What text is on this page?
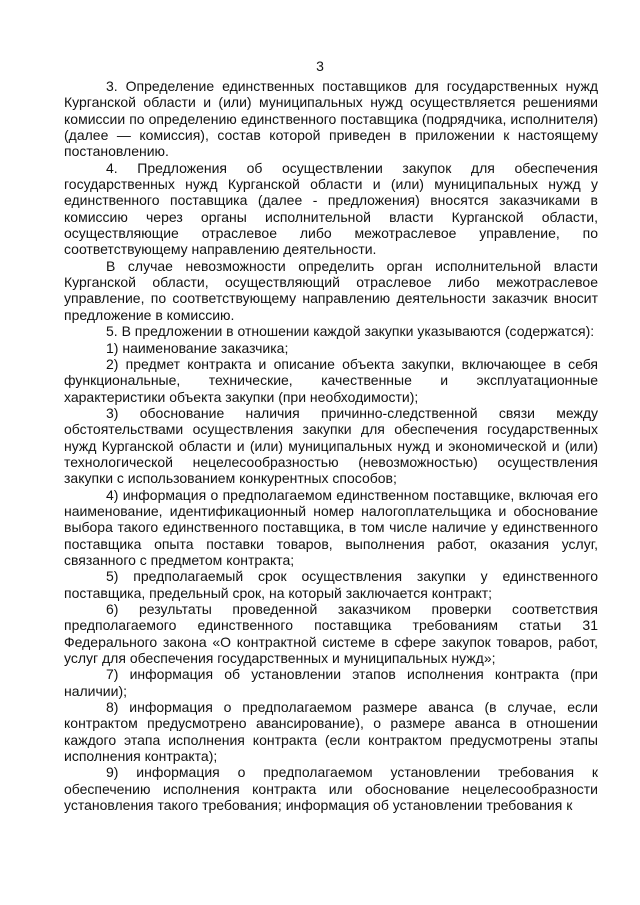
3

3. Определение единственных поставщиков для государственных нужд Курганской области и (или) муниципальных нужд осуществляется решениями комиссии по определению единственного поставщика (подрядчика, исполнителя) (далее — комиссия), состав которой приведен в приложении к настоящему постановлению.

4. Предложения об осуществлении закупок для обеспечения государственных нужд Курганской области и (или) муниципальных нужд у единственного поставщика (далее - предложения) вносятся заказчиками в комиссию через органы исполнительной власти Курганской области, осуществляющие отраслевое либо межотраслевое управление, по соответствующему направлению деятельности.

В случае невозможности определить орган исполнительной власти Курганской области, осуществляющий отраслевое либо межотраслевое управление, по соответствующему направлению деятельности заказчик вносит предложение в комиссию.

5. В предложении в отношении каждой закупки указываются (содержатся):

1) наименование заказчика;

2) предмет контракта и описание объекта закупки, включающее в себя функциональные, технические, качественные и эксплуатационные характеристики объекта закупки (при необходимости);

3) обоснование наличия причинно-следственной связи между обстоятельствами осуществления закупки для обеспечения государственных нужд Курганской области и (или) муниципальных нужд и экономической и (или) технологической нецелесообразностью (невозможностью) осуществления закупки с использованием конкурентных способов;

4) информация о предполагаемом единственном поставщике, включая его наименование, идентификационный номер налогоплательщика и обоснование выбора такого единственного поставщика, в том числе наличие у единственного поставщика опыта поставки товаров, выполнения работ, оказания услуг, связанного с предметом контракта;

5) предполагаемый срок осуществления закупки у единственного поставщика, предельный срок, на который заключается контракт;

6) результаты проведенной заказчиком проверки соответствия предполагаемого единственного поставщика требованиям статьи 31 Федерального закона «О контрактной системе в сфере закупок товаров, работ, услуг для обеспечения государственных и муниципальных нужд»;

7) информация об установлении этапов исполнения контракта (при наличии);

8) информация о предполагаемом размере аванса (в случае, если контрактом предусмотрено авансирование), о размере аванса в отношении каждого этапа исполнения контракта (если контрактом предусмотрены этапы исполнения контракта);

9) информация о предполагаемом установлении требования к обеспечению исполнения контракта или обоснование нецелесообразности установления такого требования; информация об установлении требования к
